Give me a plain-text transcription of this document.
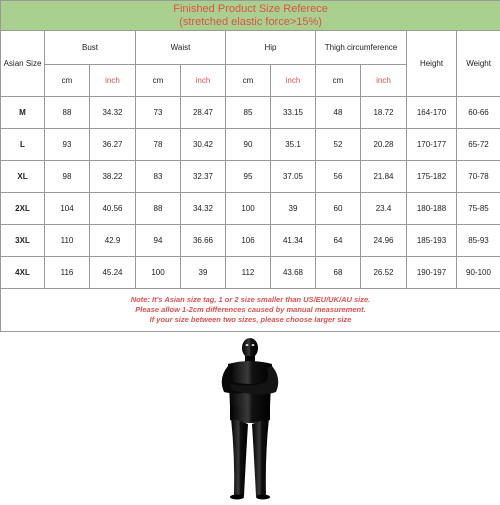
Finished Product Size Referece
(stretched elastic force>15%)										

Asian Size	Bust		Waist		Hip		Thigh circumference		Height	Weight
	cm	inch	cm	inch	cm	inch	cm	inch		
M	88	34.32	73	28.47	85	33.15	48	18.72	164-170	60-66
L	93	36.27	78	30.42	90	35.1	52	20.28	170-177	65-72
XL	98	38.22	83	32.37	95	37.05	56	21.84	175-182	70-78
2XL	104	40.56	88	34.32	100	39	60	23.4	180-188	75-85
3XL	110	42.9	94	36.66	106	41.34	64	24.96	185-193	85-93
4XL	116	45.24	100	39	112	43.68	68	26.52	190-197	90-100

Note: It's Asian size tag, 1 or 2 size smaller than US/EU/UK/AU size.
Please allow 1-2cm differences caused by manual measurement.
If your size between two sizes, please choose larger size										
